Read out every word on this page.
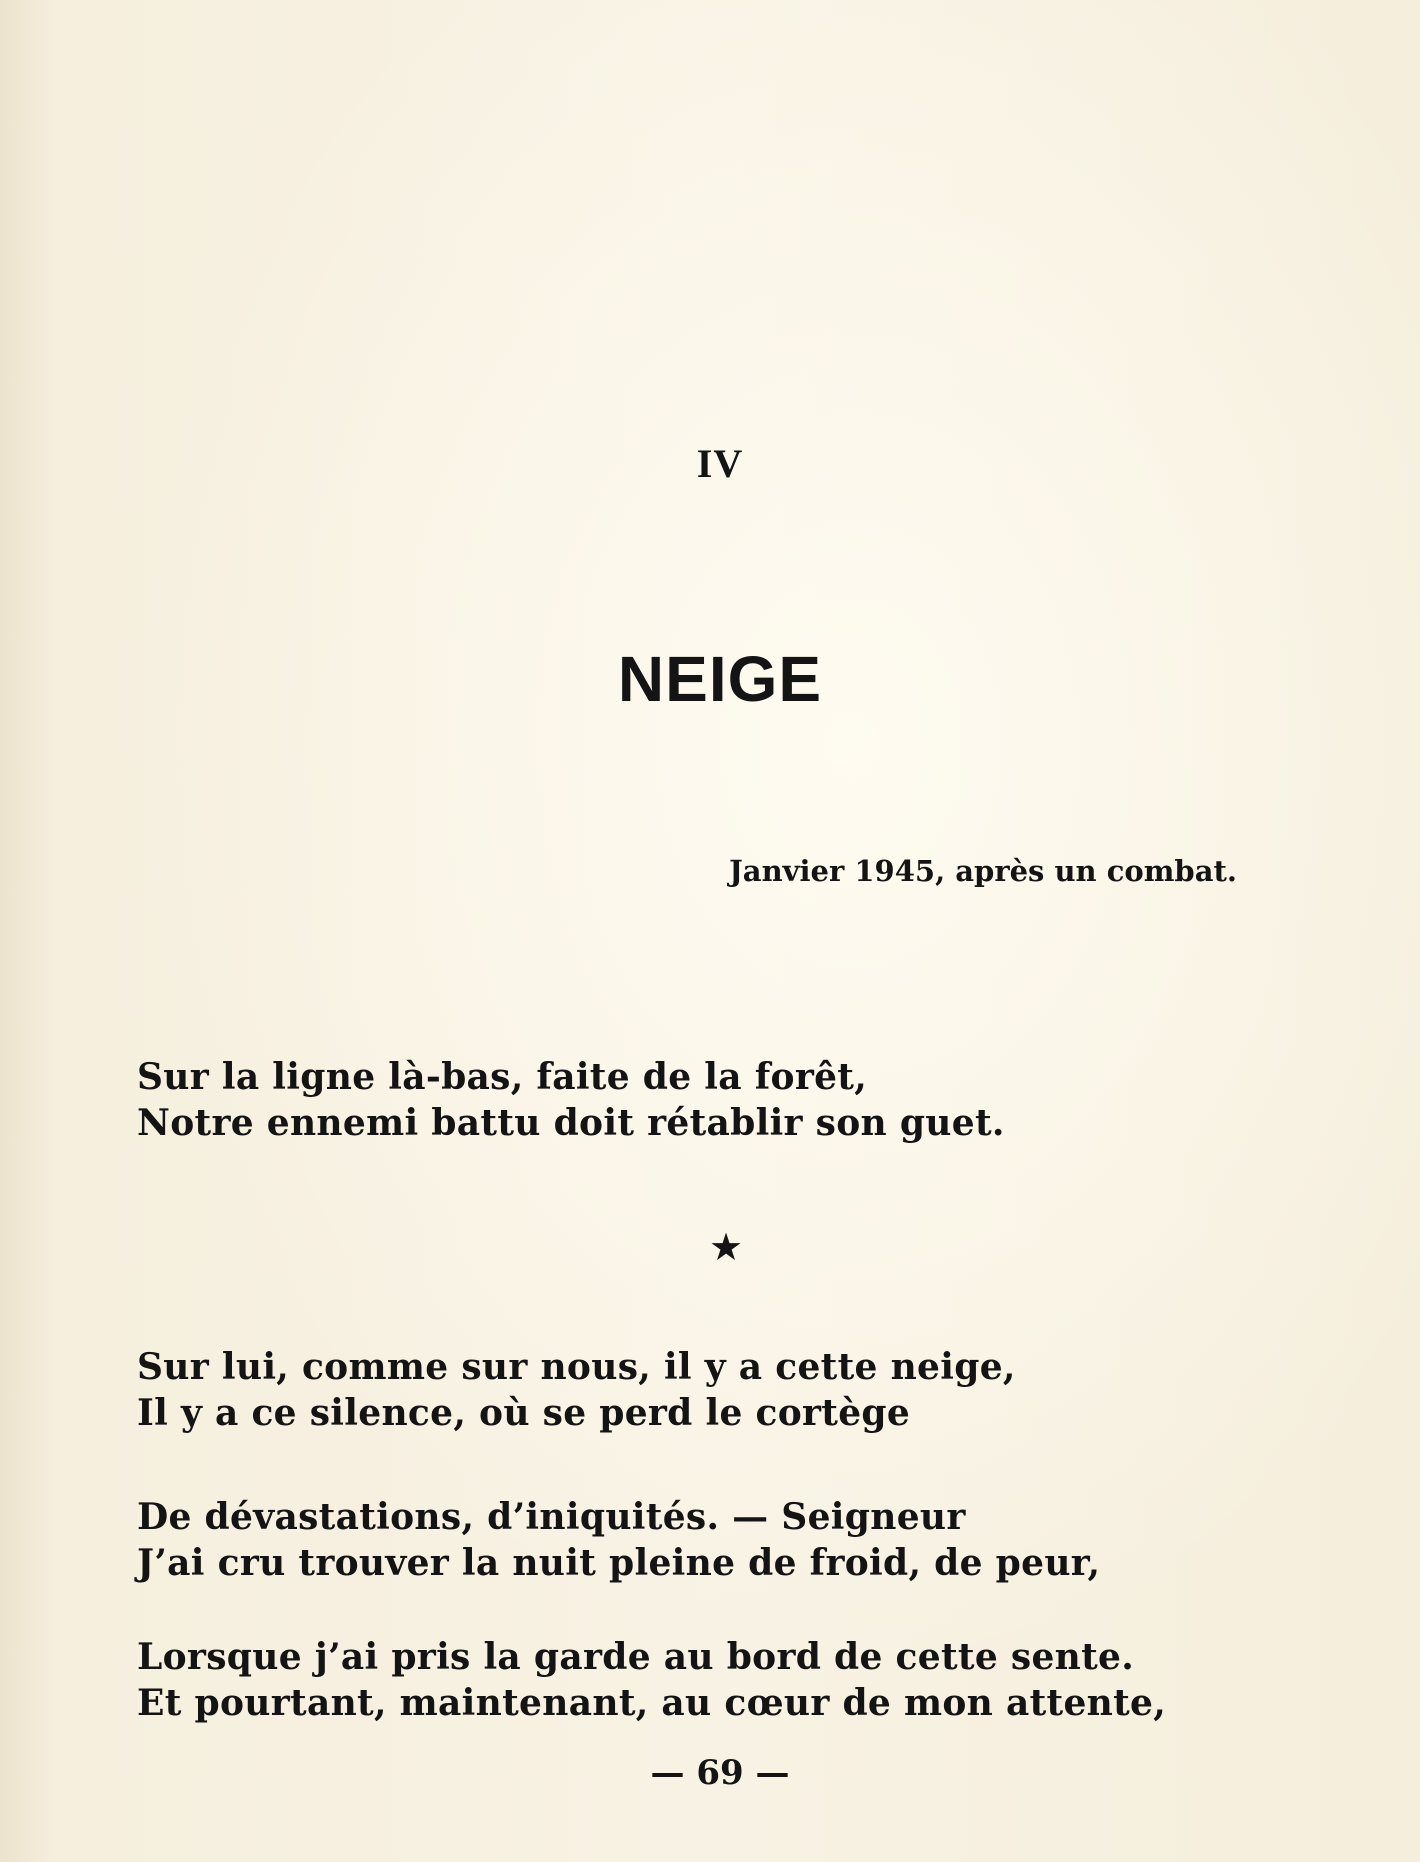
IV
NEIGE
Janvier 1945, après un combat.
Sur la ligne là-bas, faite de la forêt,
Notre ennemi battu doit rétablir son guet.
★
Sur lui, comme sur nous, il y a cette neige,
Il y a ce silence, où se perd le cortège
De dévastations, d’iniquités. — Seigneur
J’ai cru trouver la nuit pleine de froid, de peur,
Lorsque j’ai pris la garde au bord de cette sente.
Et pourtant, maintenant, au cœur de mon attente,
— 69 —
